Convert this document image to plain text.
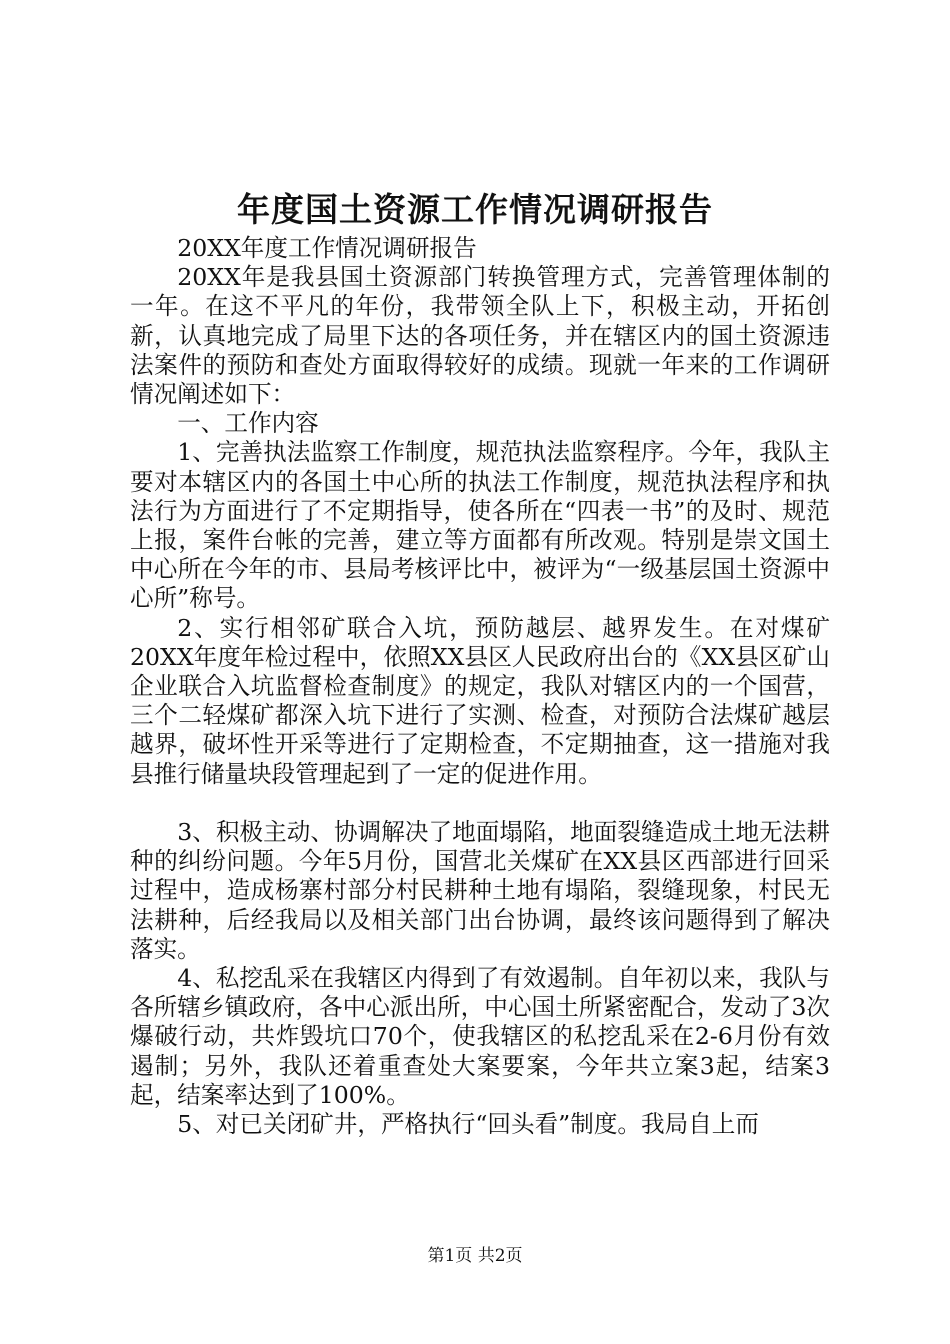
年度国土资源工作情况调研报告

20XX年度工作情况调研报告

20XX年是我县国土资源部门转换管理方式，完善管理体制的一年。在这不平凡的年份，我带领全队上下，积极主动，开拓创新，认真地完成了局里下达的各项任务，并在辖区内的国土资源违法案件的预防和查处方面取得较好的成绩。现就一年来的工作调研情况阐述如下：

一、工作内容

1、完善执法监察工作制度，规范执法监察程序。今年，我队主要对本辖区内的各国土中心所的执法工作制度，规范执法程序和执法行为方面进行了不定期指导，使各所在“四表一书”的及时、规范上报，案件台帐的完善，建立等方面都有所改观。特别是崇文国土中心所在今年的市、县局考核评比中，被评为“一级基层国土资源中心所”称号。

2、实行相邻矿联合入坑，预防越层、越界发生。在对煤矿20XX年度年检过程中，依照XX县区人民政府出台的《XX县区矿山企业联合入坑监督检查制度》的规定，我队对辖区内的一个国营，三个二轻煤矿都深入坑下进行了实测、检查，对预防合法煤矿越层越界，破坏性开采等进行了定期检查，不定期抽查，这一措施对我县推行储量块段管理起到了一定的促进作用。

3、积极主动、协调解决了地面塌陷，地面裂缝造成土地无法耕种的纠纷问题。今年5月份，国营北关煤矿在XX县区西部进行回采过程中，造成杨寨村部分村民耕种土地有塌陷，裂缝现象，村民无法耕种，后经我局以及相关部门出台协调，最终该问题得到了解决落实。

4、私挖乱采在我辖区内得到了有效遏制。自年初以来，我队与各所辖乡镇政府，各中心派出所，中心国土所紧密配合，发动了3次爆破行动，共炸毁坑口70个，使我辖区的私挖乱采在2-6月份有效遏制；另外，我队还着重查处大案要案，今年共立案3起，结案3起，结案率达到了100%。

5、对已关闭矿井，严格执行“回头看”制度。我局自上而

第1页 共2页
